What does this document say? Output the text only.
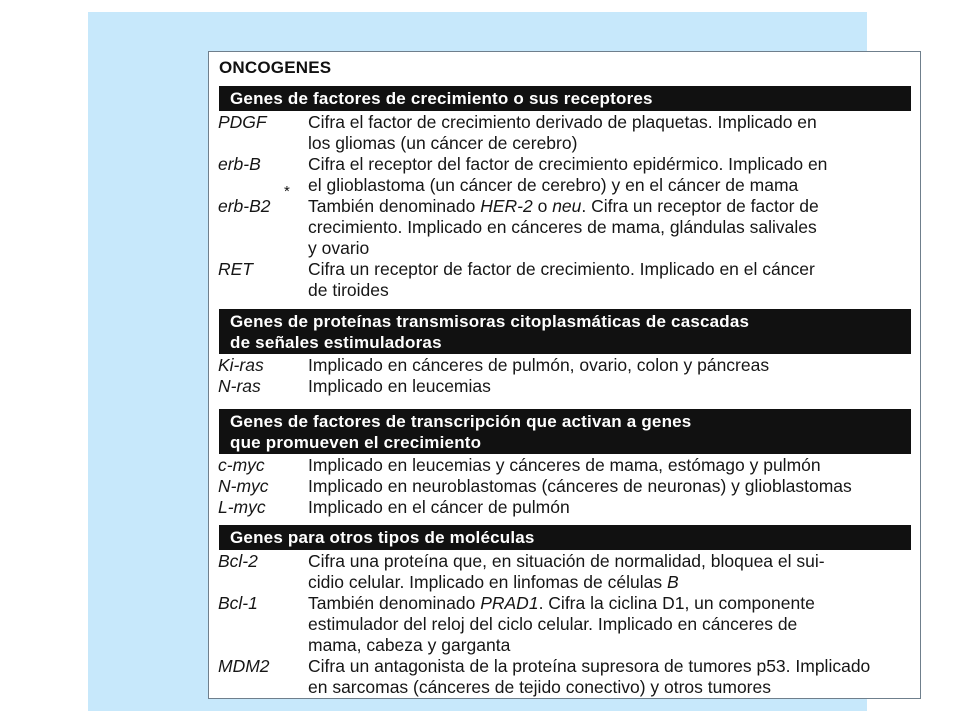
ONCOGENES
*
Genes de factores de crecimiento o sus receptores
PDGF	Cifra el factor de crecimiento derivado de plaquetas. Implicado en
los gliomas (un cáncer de cerebro)
erb-B	Cifra el receptor del factor de crecimiento epidérmico. Implicado en
el glioblastoma (un cáncer de cerebro) y en el cáncer de mama
erb-B2	También denominado HER-2 o neu. Cifra un receptor de factor de
crecimiento. Implicado en cánceres de mama, glándulas salivales
y ovario
RET	Cifra un receptor de factor de crecimiento. Implicado en el cáncer
de tiroides
Genes de proteínas transmisoras citoplasmáticas de cascadas
de señales estimuladoras
Ki-ras	Implicado en cánceres de pulmón, ovario, colon y páncreas
N-ras	Implicado en leucemias
Genes de factores de transcripción que activan a genes
que promueven el crecimiento
c-myc	Implicado en leucemias y cánceres de mama, estómago y pulmón
N-myc	Implicado en neuroblastomas (cánceres de neuronas) y glioblastomas
L-myc	Implicado en el cáncer de pulmón
Genes para otros tipos de moléculas
Bcl-2	Cifra una proteína que, en situación de normalidad, bloquea el sui-
cidio celular. Implicado en linfomas de células B
Bcl-1	También denominado PRAD1. Cifra la ciclina D1, un componente
estimulador del reloj del ciclo celular. Implicado en cánceres de
mama, cabeza y garganta
MDM2	Cifra un antagonista de la proteína supresora de tumores p53. Implicado
en sarcomas (cánceres de tejido conectivo) y otros tumores
